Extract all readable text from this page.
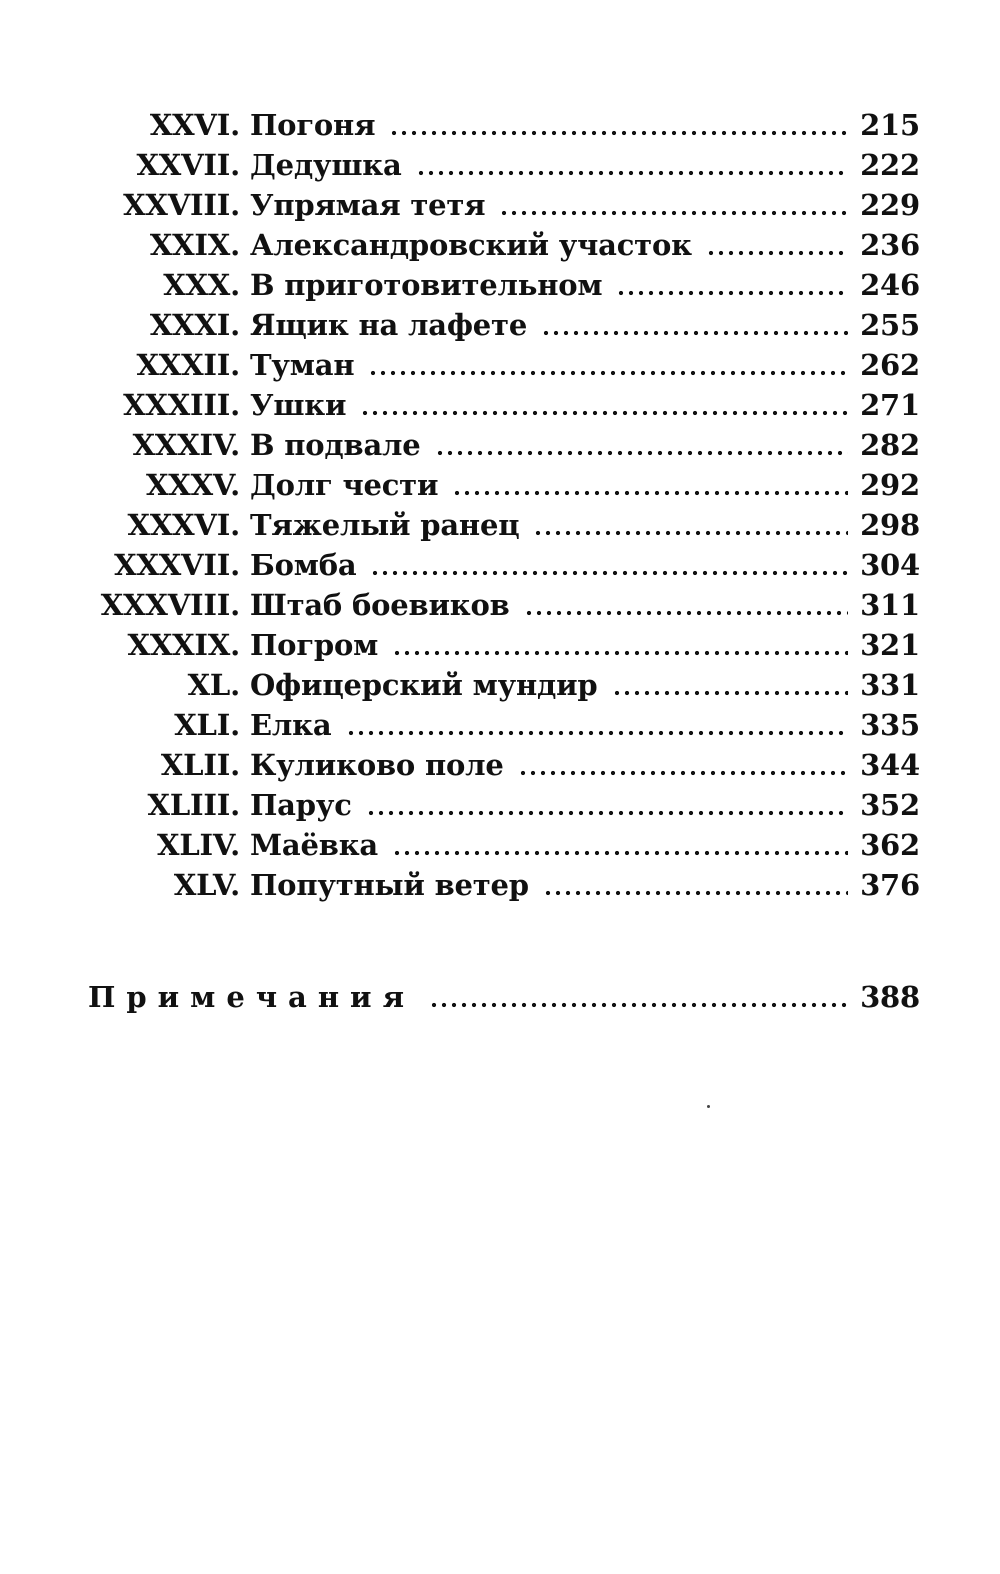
XXVI. Погоня	215
XXVII. Дедушка	222
XXVIII. Упрямая тетя	229
XXIX. Александровский участок	236
XXX. В приготовительном	246
XXXI. Ящик на лафете	255
XXXII. Туман	262
XXXIII. Ушки	271
XXXIV. В подвале	282
XXXV. Долг чести	292
XXXVI. Тяжелый ранец	298
XXXVII. Бомба	304
XXXVIII. Штаб боевиков	311
XXXIX. Погром	321
XL. Офицерский мундир	331
XLI. Елка	335
XLII. Куликово поле	344
XLIII. Парус	352
XLIV. Маёвка	362
XLV. Попутный ветер	376
Примечания	388
